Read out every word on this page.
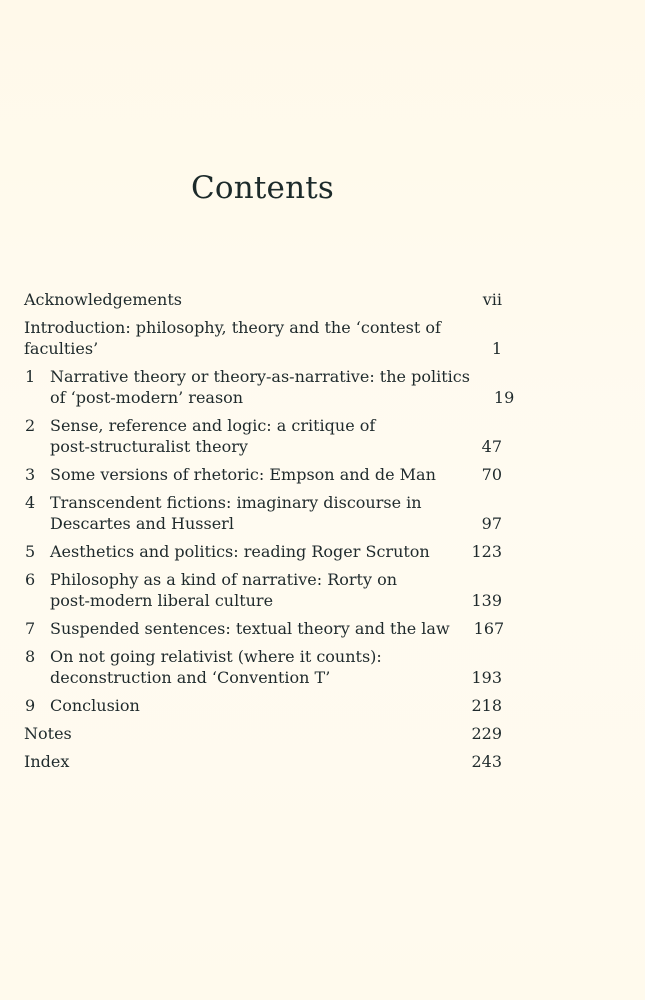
Contents
Acknowledgements	vii
Introduction: philosophy, theory and the ‘contest of
faculties’	1
1 Narrative theory or theory-as-narrative: the politics
of ‘post-modern’ reason	19
2 Sense, reference and logic: a critique of
post-structuralist theory	47
3 Some versions of rhetoric: Empson and de Man	70
4 Transcendent fictions: imaginary discourse in
Descartes and Husserl	97
5 Aesthetics and politics: reading Roger Scruton	123
6 Philosophy as a kind of narrative: Rorty on
post-modern liberal culture	139
7 Suspended sentences: textual theory and the law 167
8 On not going relativist (where it counts):
deconstruction and ‘Convention T’	193
9 Conclusion	218
Notes	229
Index	243
